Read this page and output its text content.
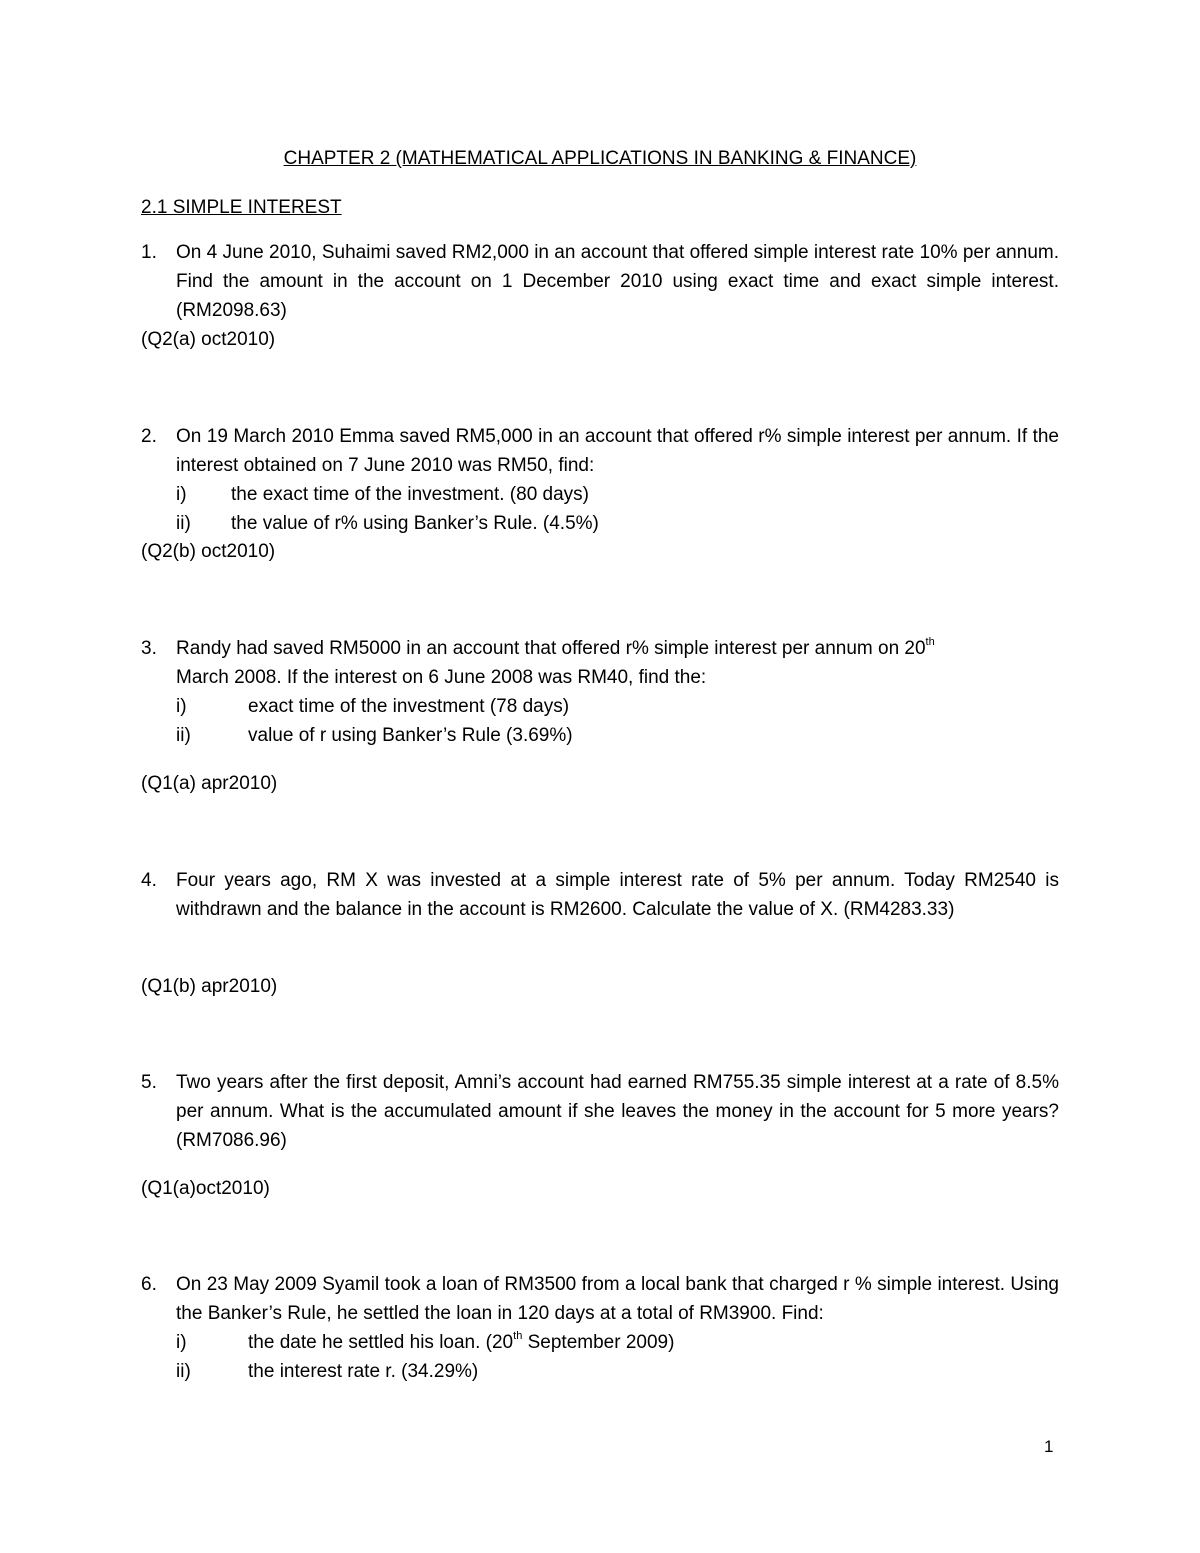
CHAPTER 2 (MATHEMATICAL APPLICATIONS IN BANKING & FINANCE)

2.1 SIMPLE INTEREST

1.	On 4 June 2010, Suhaimi saved RM2,000 in an account that offered simple interest rate 10% per annum. Find the amount in the account on 1 December 2010 using exact time and exact simple interest. (RM2098.63)
(Q2(a) oct2010)
2.	On 19 March 2010 Emma saved RM5,000 in an account that offered r% simple interest per annum. If the interest obtained on 7 June 2010 was RM50, find:
i) the exact time of the investment. (80 days)
ii) the value of r% using Banker’s Rule. (4.5%)
(Q2(b) oct2010)
3.	Randy had saved RM5000 in an account that offered r% simple interest per annum on 20th
March 2008. If the interest on 6 June 2008 was RM40, find the:
i)	exact time of the investment (78 days)
ii)	value of r using Banker’s Rule (3.69%)
(Q1(a) apr2010)
4.	Four years ago, RM X was invested at a simple interest rate of 5% per annum. Today RM2540 is withdrawn and the balance in the account is RM2600. Calculate the value of X. (RM4283.33)
(Q1(b) apr2010)
5.	Two years after the first deposit, Amni’s account had earned RM755.35 simple interest at a rate of 8.5% per annum. What is the accumulated amount if she leaves the money in the account for 5 more years? (RM7086.96)
(Q1(a)oct2010)
6.	On 23 May 2009 Syamil took a loan of RM3500 from a local bank that charged r % simple interest. Using the Banker’s Rule, he settled the loan in 120 days at a total of RM3900. Find:
i)	the date he settled his loan. (20th September 2009)
ii)	the interest rate r. (34.29%)
1
